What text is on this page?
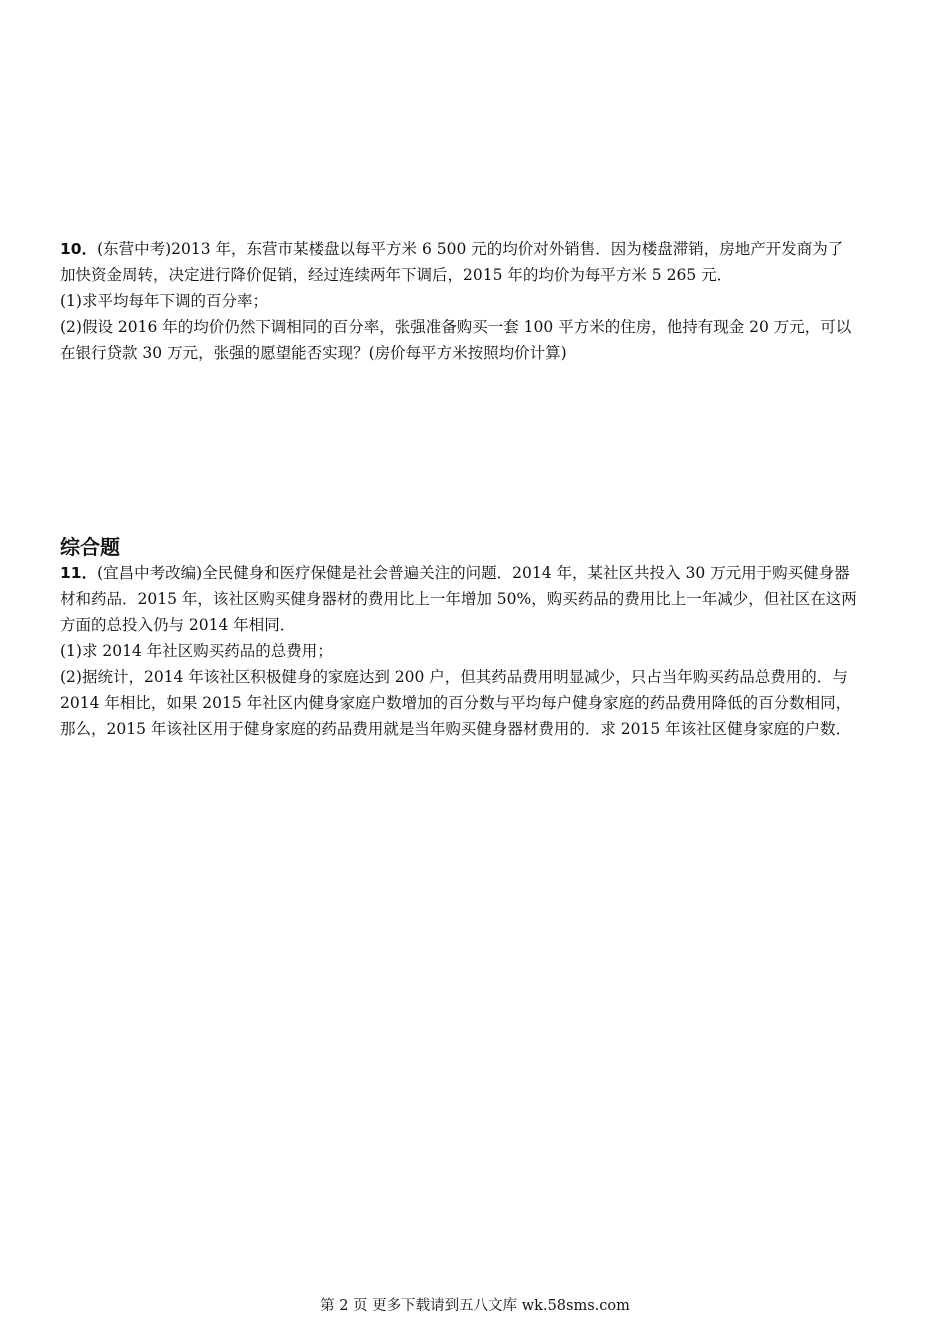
10．(东营中考)2013 年，东营市某楼盘以每平方米 6 500 元的均价对外销售．因为楼盘滞销，房地产开发商为了

加快资金周转，决定进行降价促销，经过连续两年下调后，2015 年的均价为每平方米 5 265 元．

(1)求平均每年下调的百分率；

(2)假设 2016 年的均价仍然下调相同的百分率，张强准备购买一套 100 平方米的住房，他持有现金 20 万元，可以

在银行贷款 30 万元，张强的愿望能否实现？(房价每平方米按照均价计算)

综合题

11．(宜昌中考改编)全民健身和医疗保健是社会普遍关注的问题．2014 年，某社区共投入 30 万元用于购买健身器

材和药品．2015 年，该社区购买健身器材的费用比上一年增加 50%，购买药品的费用比上一年减少，但社区在这两

方面的总投入仍与 2014 年相同．

(1)求 2014 年社区购买药品的总费用；

(2)据统计，2014 年该社区积极健身的家庭达到 200 户，但其药品费用明显减少，只占当年购买药品总费用的．与

2014 年相比，如果 2015 年社区内健身家庭户数增加的百分数与平均每户健身家庭的药品费用降低的百分数相同，

那么，2015 年该社区用于健身家庭的药品费用就是当年购买健身器材费用的．求 2015 年该社区健身家庭的户数．

第 2 页 更多下载请到五八文库 wk.58sms.com
